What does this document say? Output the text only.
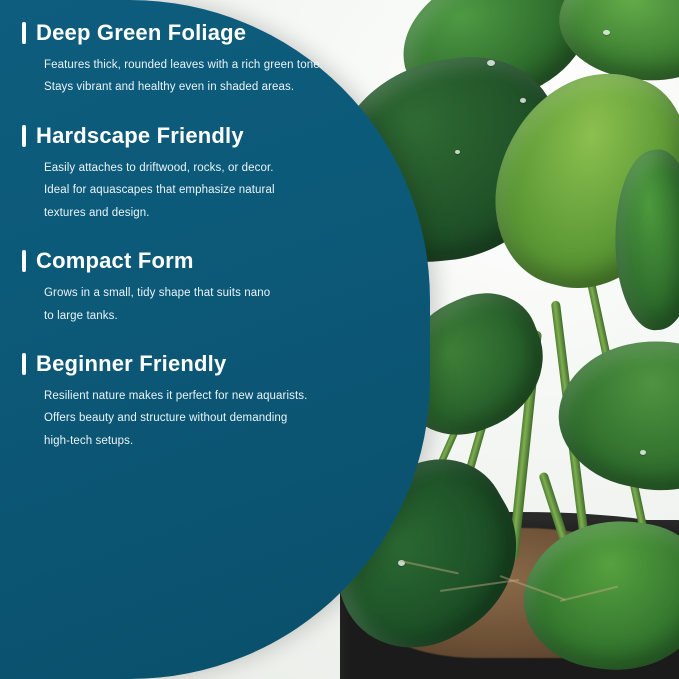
Deep Green Foliage
Features thick, rounded leaves with a rich green tone.
Stays vibrant and healthy even in shaded areas.
Hardscape Friendly
Easily attaches to driftwood, rocks, or decor.
Ideal for aquascapes that emphasize natural
textures and design.
Compact Form
Grows in a small, tidy shape that suits nano
to large tanks.
Beginner Friendly
Resilient nature makes it perfect for new aquarists.
Offers beauty and structure without demanding
high-tech setups.
